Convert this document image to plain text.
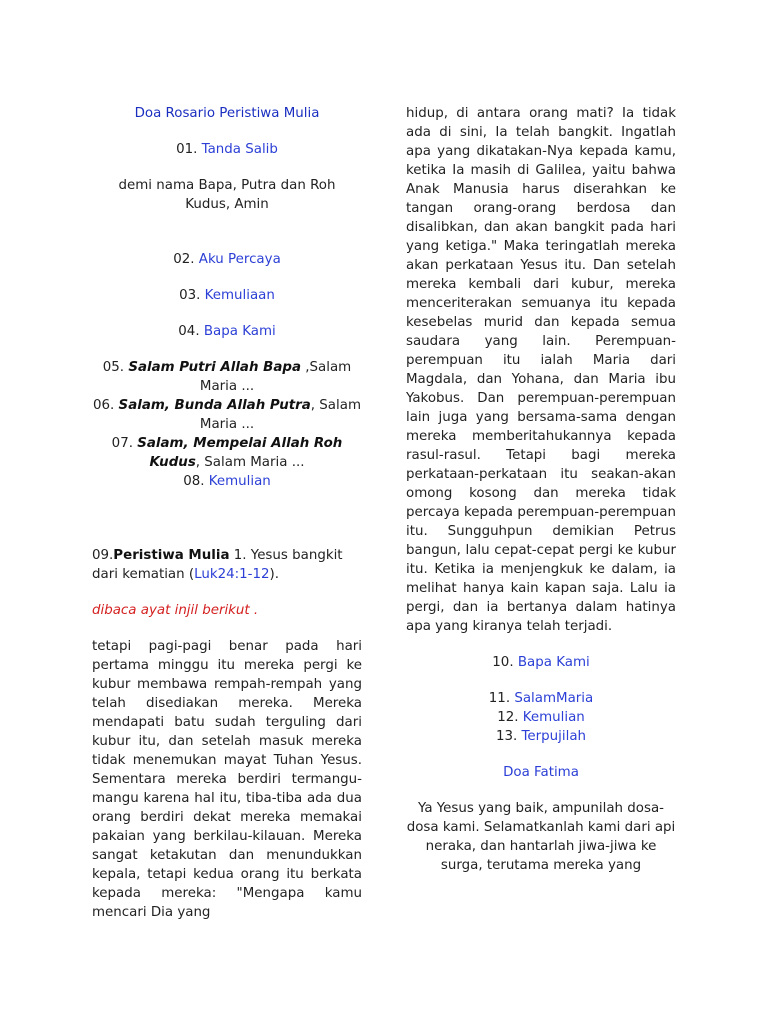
Doa Rosario Peristiwa Mulia

01. Tanda Salib

demi nama Bapa, Putra dan Roh Kudus, Amin

02. Aku Percaya

03. Kemuliaan

04. Bapa Kami

05. Salam Putri Allah Bapa ,Salam Maria ...

06. Salam, Bunda Allah Putra, Salam Maria ...

07. Salam, Mempelai Allah Roh Kudus, Salam Maria ...

08. Kemulian

09.Peristiwa Mulia 1. Yesus bangkit dari kematian (Luk24:1-12).

dibaca ayat injil berikut .

tetapi pagi-pagi benar pada hari pertama minggu itu mereka pergi ke kubur membawa rempah-rempah yang telah disediakan mereka. Mereka mendapati batu sudah terguling dari kubur itu, dan setelah masuk mereka tidak menemukan mayat Tuhan Yesus. Sementara mereka berdiri termangu-mangu karena hal itu, tiba-tiba ada dua orang berdiri dekat mereka memakai pakaian yang berkilau-kilauan. Mereka sangat ketakutan dan menundukkan kepala, tetapi kedua orang itu berkata kepada mereka: "Mengapa kamu mencari Dia yang

hidup, di antara orang mati? Ia tidak ada di sini, Ia telah bangkit. Ingatlah apa yang dikatakan-Nya kepada kamu, ketika Ia masih di Galilea, yaitu bahwa Anak Manusia harus diserahkan ke tangan orang-orang berdosa dan disalibkan, dan akan bangkit pada hari yang ketiga." Maka teringatlah mereka akan perkataan Yesus itu. Dan setelah mereka kembali dari kubur, mereka menceriterakan semuanya itu kepada kesebelas murid dan kepada semua saudara yang lain. Perempuan-perempuan itu ialah Maria dari Magdala, dan Yohana, dan Maria ibu Yakobus. Dan perempuan-perempuan lain juga yang bersama-sama dengan mereka memberitahukannya kepada rasul-rasul. Tetapi bagi mereka perkataan-perkataan itu seakan-akan omong kosong dan mereka tidak percaya kepada perempuan-perempuan itu. Sungguhpun demikian Petrus bangun, lalu cepat-cepat pergi ke kubur itu. Ketika ia menjengkuk ke dalam, ia melihat hanya kain kapan saja. Lalu ia pergi, dan ia bertanya dalam hatinya apa yang kiranya telah terjadi.

10. Bapa Kami

11. SalamMaria

12. Kemulian

13. Terpujilah

Doa Fatima

Ya Yesus yang baik, ampunilah dosa-dosa kami. Selamatkanlah kami dari api neraka, dan hantarlah jiwa-jiwa ke surga, terutama mereka yang
